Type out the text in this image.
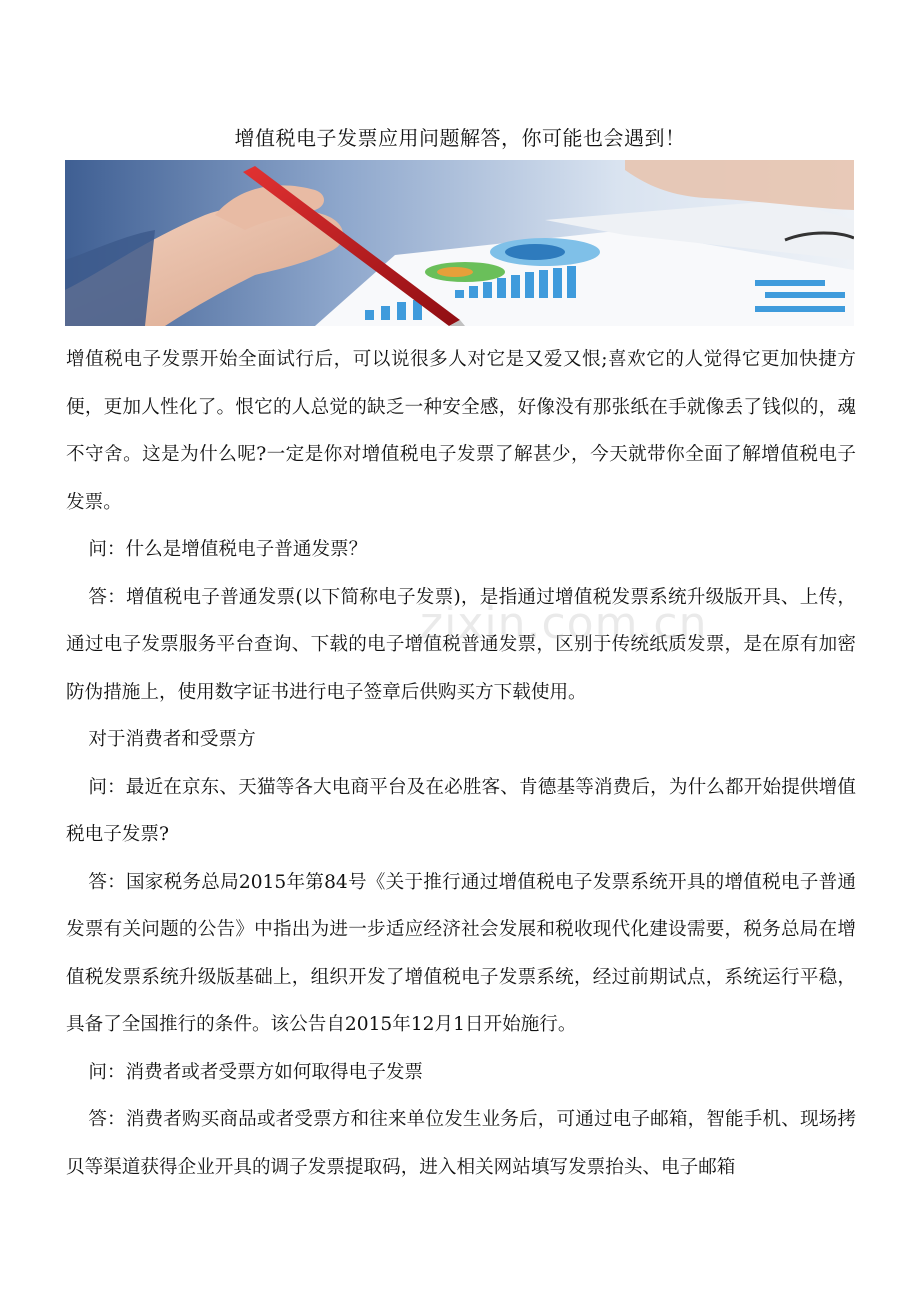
增值税电子发票应用问题解答，你可能也会遇到！

增值税电子发票开始全面试行后，可以说很多人对它是又爱又恨;喜欢它的人觉得它更加快捷方便，更加人性化了。恨它的人总觉的缺乏一种安全感，好像没有那张纸在手就像丢了钱似的，魂不守舍。这是为什么呢?一定是你对增值税电子发票了解甚少，今天就带你全面了解增值税电子发票。

问：什么是增值税电子普通发票？

答：增值税电子普通发票(以下简称电子发票)，是指通过增值税发票系统升级版开具、上传，通过电子发票服务平台查询、下载的电子增值税普通发票，区别于传统纸质发票，是在原有加密防伪措施上，使用数字证书进行电子签章后供购买方下载使用。

对于消费者和受票方

问：最近在京东、天猫等各大电商平台及在必胜客、肯德基等消费后，为什么都开始提供增值税电子发票?

答：国家税务总局2015年第84号《关于推行通过增值税电子发票系统开具的增值税电子普通发票有关问题的公告》中指出为进一步适应经济社会发展和税收现代化建设需要，税务总局在增值税发票系统升级版基础上，组织开发了增值税电子发票系统，经过前期试点，系统运行平稳，具备了全国推行的条件。该公告自2015年12月1日开始施行。

问：消费者或者受票方如何取得电子发票

答：消费者购买商品或者受票方和往来单位发生业务后，可通过电子邮箱，智能手机、现场拷贝等渠道获得企业开具的调子发票提取码，进入相关网站填写发票抬头、电子邮箱

zixin.com.cn
